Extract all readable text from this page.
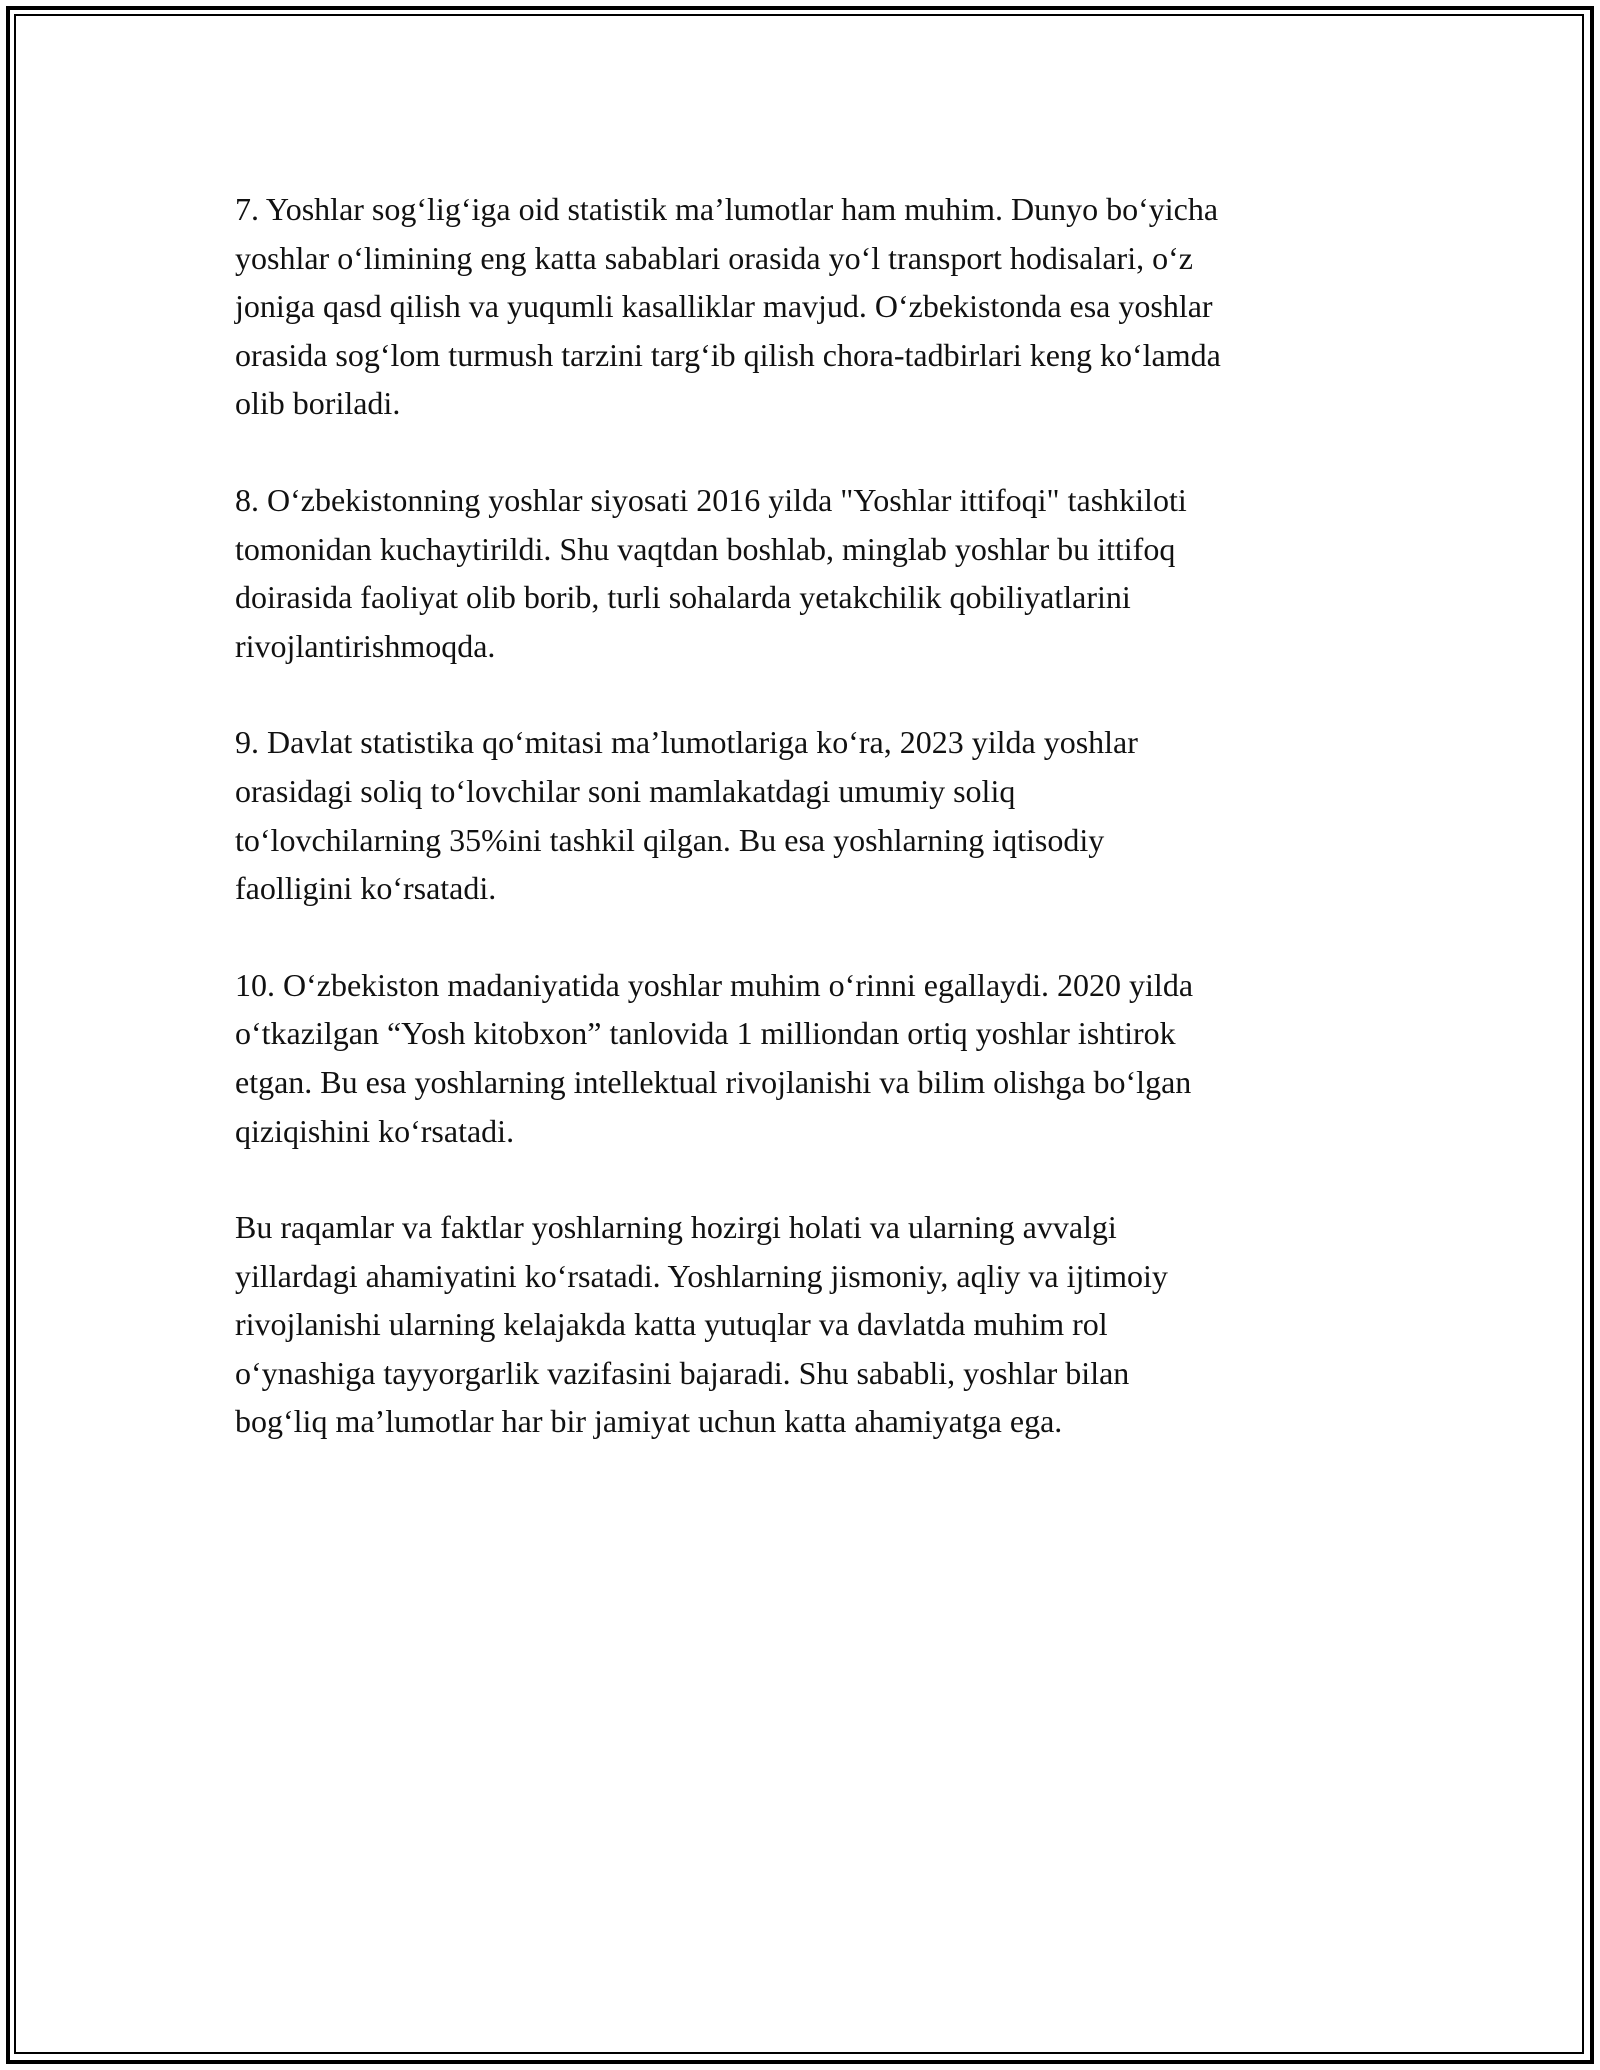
7. Yoshlar sog‘lig‘iga oid statistik ma’lumotlar ham muhim. Dunyo bo‘yicha
yoshlar o‘limining eng katta sabablari orasida yo‘l transport hodisalari, o‘z
joniga qasd qilish va yuqumli kasalliklar mavjud. O‘zbekistonda esa yoshlar
orasida sog‘lom turmush tarzini targ‘ib qilish chora-tadbirlari keng ko‘lamda
olib boriladi.

8. O‘zbekistonning yoshlar siyosati 2016 yilda "Yoshlar ittifoqi" tashkiloti
tomonidan kuchaytirildi. Shu vaqtdan boshlab, minglab yoshlar bu ittifoq
doirasida faoliyat olib borib, turli sohalarda yetakchilik qobiliyatlarini
rivojlantirishmoqda.

9. Davlat statistika qo‘mitasi ma’lumotlariga ko‘ra, 2023 yilda yoshlar
orasidagi soliq to‘lovchilar soni mamlakatdagi umumiy soliq
to‘lovchilarning 35%ini tashkil qilgan. Bu esa yoshlarning iqtisodiy
faolligini ko‘rsatadi.

10. O‘zbekiston madaniyatida yoshlar muhim o‘rinni egallaydi. 2020 yilda
o‘tkazilgan “Yosh kitobxon” tanlovida 1 milliondan ortiq yoshlar ishtirok
etgan. Bu esa yoshlarning intellektual rivojlanishi va bilim olishga bo‘lgan
qiziqishini ko‘rsatadi.

Bu raqamlar va faktlar yoshlarning hozirgi holati va ularning avvalgi
yillardagi ahamiyatini ko‘rsatadi. Yoshlarning jismoniy, aqliy va ijtimoiy
rivojlanishi ularning kelajakda katta yutuqlar va davlatda muhim rol
o‘ynashiga tayyorgarlik vazifasini bajaradi. Shu sababli, yoshlar bilan
bog‘liq ma’lumotlar har bir jamiyat uchun katta ahamiyatga ega.
